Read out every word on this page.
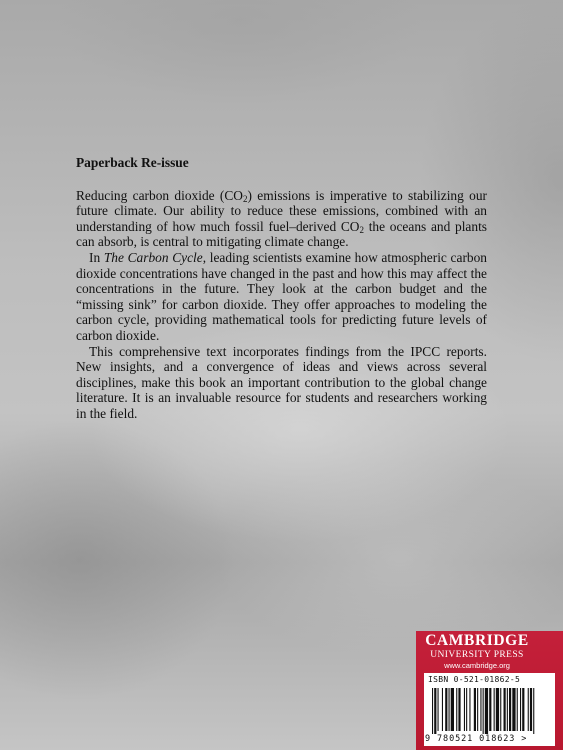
Paperback Re-issue

Reducing carbon dioxide $(CO_2)$ emissions is imperative to stabilizing our future climate. Our ability to reduce these emissions, combined with an understanding of how much fossil fuel–derived $CO_2$ the oceans and plants can absorb, is central to mitigating climate change.

In The Carbon Cycle, leading scientists examine how atmospheric carbon dioxide concentrations have changed in the past and how this may affect the concentrations in the future. They look at the carbon budget and the “missing sink” for carbon dioxide. They offer approaches to modeling the carbon cycle, providing mathematical tools for predicting future levels of carbon dioxide.

This comprehensive text incorporates findings from the IPCC reports. New insights, and a convergence of ideas and views across several disciplines, make this book an important contribution to the global change literature. It is an invaluable resource for students and researchers working in the field.

CAMBRIDGE
UNIVERSITY PRESS
www.cambridge.org
ISBN 0-521-01862-5
9 780521 018623 >
